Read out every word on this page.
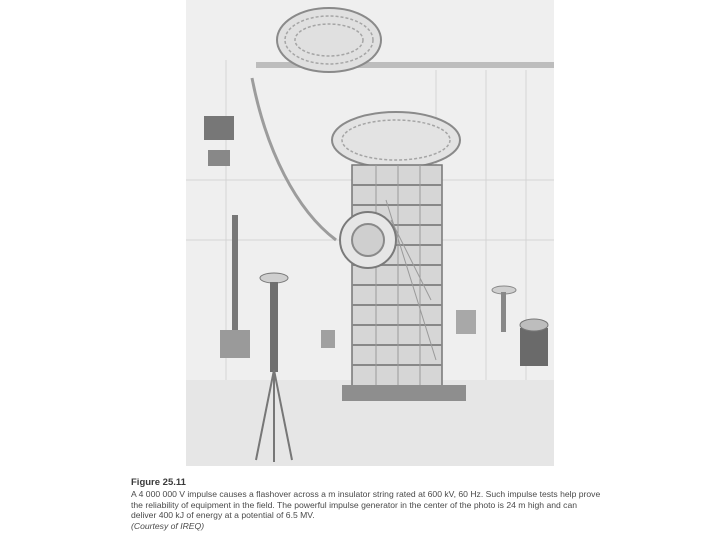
Figure 25.11
A 4 000 000 V impulse causes a flashover across a m insulator string rated at 600 kV, 60 Hz. Such impulse tests help prove the reliability of equipment in the field. The powerful impulse generator in the center of the photo is 24 m high and can deliver 400 kJ of energy at a potential of 6.5 MV.
(Courtesy of IREQ)
